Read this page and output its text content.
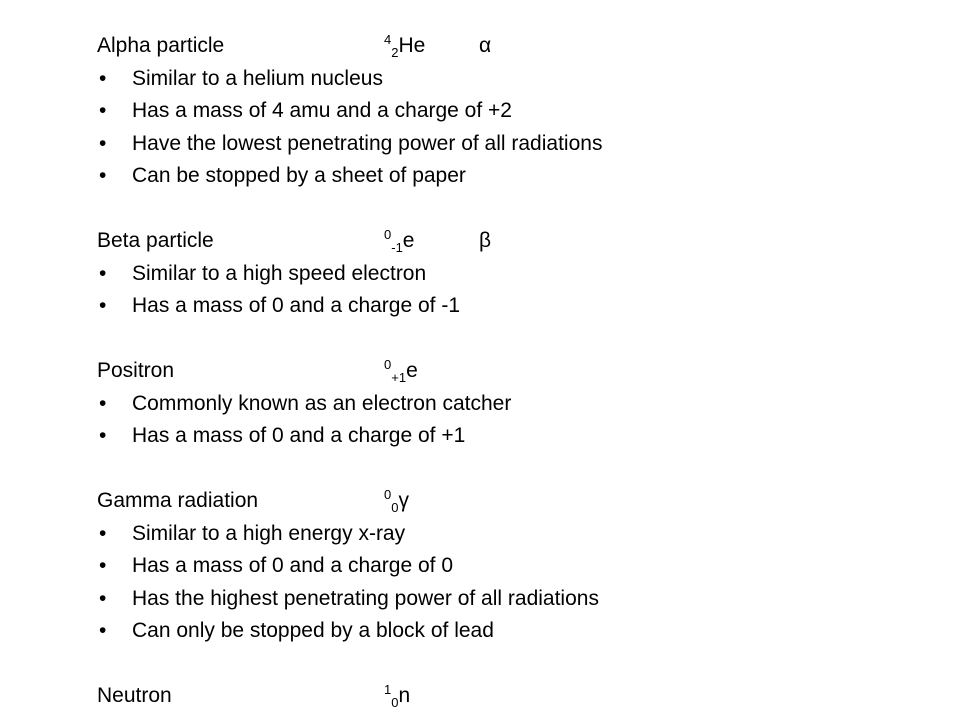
Alpha particle	$^4_2$He	α
• Similar to a helium nucleus
• Has a mass of 4 amu and a charge of +2
• Have the lowest penetrating power of all radiations
• Can be stopped by a sheet of paper
Beta particle	$^0_{-1}$e	β
• Similar to a high speed electron
• Has a mass of 0 and a charge of -1
Positron	$^0_{+1}$e
• Commonly known as an electron catcher
• Has a mass of 0 and a charge of +1
Gamma radiation	$^0_0$γ
• Similar to a high energy x-ray
• Has a mass of 0 and a charge of 0
• Has the highest penetrating power of all radiations
• Can only be stopped by a block of lead
Neutron	$^1_0$n
